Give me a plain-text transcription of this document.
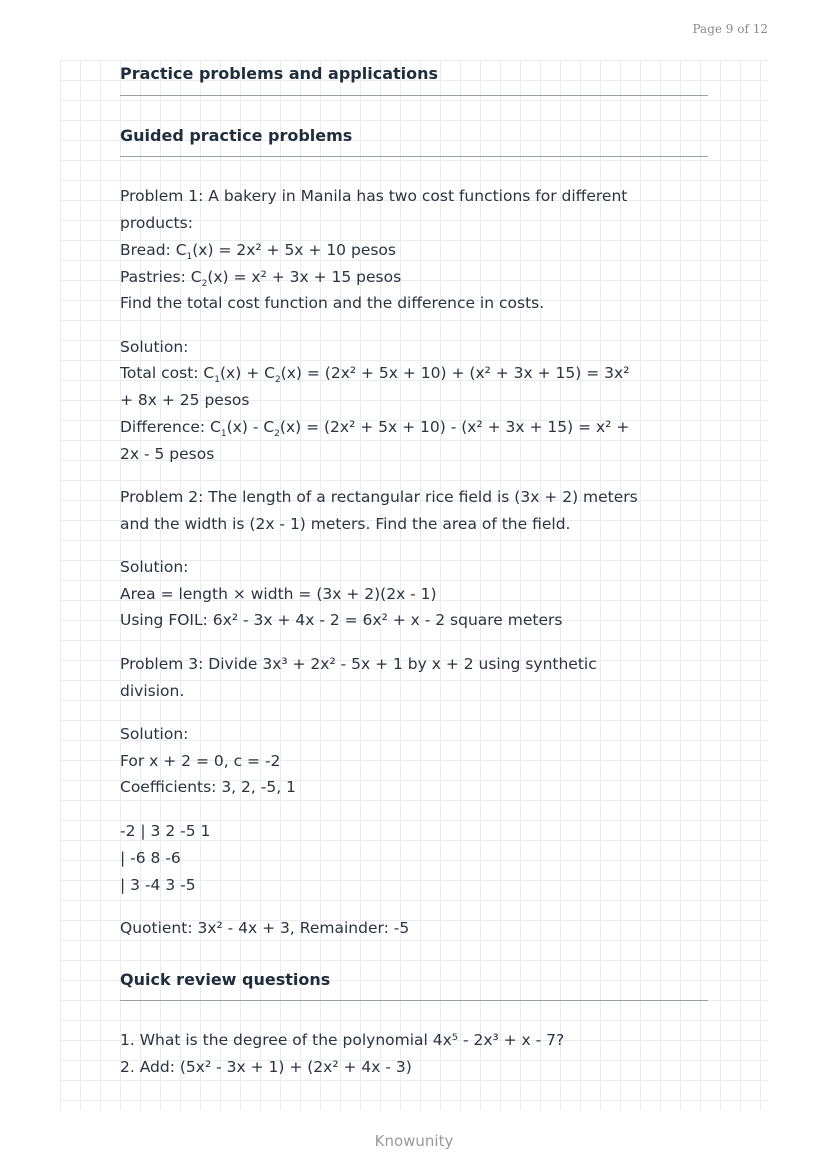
Page 9 of 12
Practice problems and applications
Guided practice problems
Problem 1: A bakery in Manila has two cost functions for different
products:
Bread: $C_1(x) = 2x^2 + 5x + 10$ pesos
Pastries: $C_2(x) = x^2 + 3x + 15$ pesos
Find the total cost function and the difference in costs.
Solution:
Total cost: $C_1(x) + C_2(x) = (2x^2 + 5x + 10) + (x^2 + 3x + 15) = 3x^2$
+ 8x + 25 pesos
Difference: $C_1(x) - C_2(x) = (2x^2 + 5x + 10) - (x^2 + 3x + 15) = x^2$ +
2x - 5 pesos
Problem 2: The length of a rectangular rice field is (3x + 2) meters
and the width is (2x - 1) meters. Find the area of the field.
Solution:
Area = length × width = (3x + 2)(2x - 1)
Using FOIL: 6x² - 3x + 4x - 2 = 6x² + x - 2 square meters
Problem 3: Divide 3x³ + 2x² - 5x + 1 by x + 2 using synthetic
division.
Solution:
For x + 2 = 0, c = -2
Coefficients: 3, 2, -5, 1
-2 | 3 2 -5 1
| -6 8 -6
| 3 -4 3 -5
Quotient: 3x² - 4x + 3, Remainder: -5
Quick review questions
1. What is the degree of the polynomial 4x⁵ - 2x³ + x - 7?
2. Add: (5x² - 3x + 1) + (2x² + 4x - 3)
Knowunity
